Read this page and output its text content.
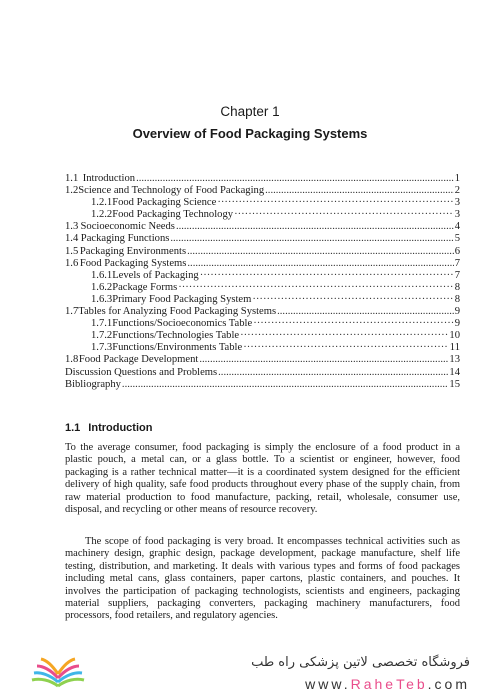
Chapter 1
Overview of Food Packaging Systems
1.1 Introduction .....	1
1.2 Science and Technology of Food Packaging .....	2
1.2.1 Food Packaging Science ·····	3
1.2.2 Food Packaging Technology ·····	3
1.3 Socioeconomic Needs .....	4
1.4 Packaging Functions .....	5
1.5 Packaging Environments .....	6
1.6 Food Packaging Systems .....	7
1.6.1 Levels of Packaging ·····	7
1.6.2 Package Forms ·····	8
1.6.3 Primary Food Packaging System ·····	8
1.7 Tables for Analyzing Food Packaging Systems .....	9
1.7.1 Functions/Socioeconomics Table ·····	9
1.7.2 Functions/Technologies Table ·····	10
1.7.3 Functions/Environments Table ·····	11
1.8 Food Package Development .....	13
Discussion Questions and Problems .....	14
Bibliography .....	15
1.1 Introduction

To the average consumer, food packaging is simply the enclosure of a food product in a plastic pouch, a metal can, or a glass bottle. To a scientist or engineer, however, food packaging is a rather technical matter—it is a coordinated system designed for the efficient delivery of high quality, safe food products throughout every phase of the supply chain, from raw material production to food manufacture, packing, retail, wholesale, consumer use, disposal, and recycling or other means of resource recovery.

The scope of food packaging is very broad. It encompasses technical activities such as machinery design, graphic design, package development, package manufacture, shelf life testing, distribution, and marketing. It deals with various types and forms of food packages including metal cans, glass containers, paper cartons, plastic containers, and pouches. It involves the participation of packaging technologists, scientists and engineers, packaging material suppliers, packaging converters, packaging machinery manufacturers, food processors, food retailers, and regulatory agencies.

فروشگاه تخصصی لاتین پزشکی راه طب
www.RaheTeb.com
